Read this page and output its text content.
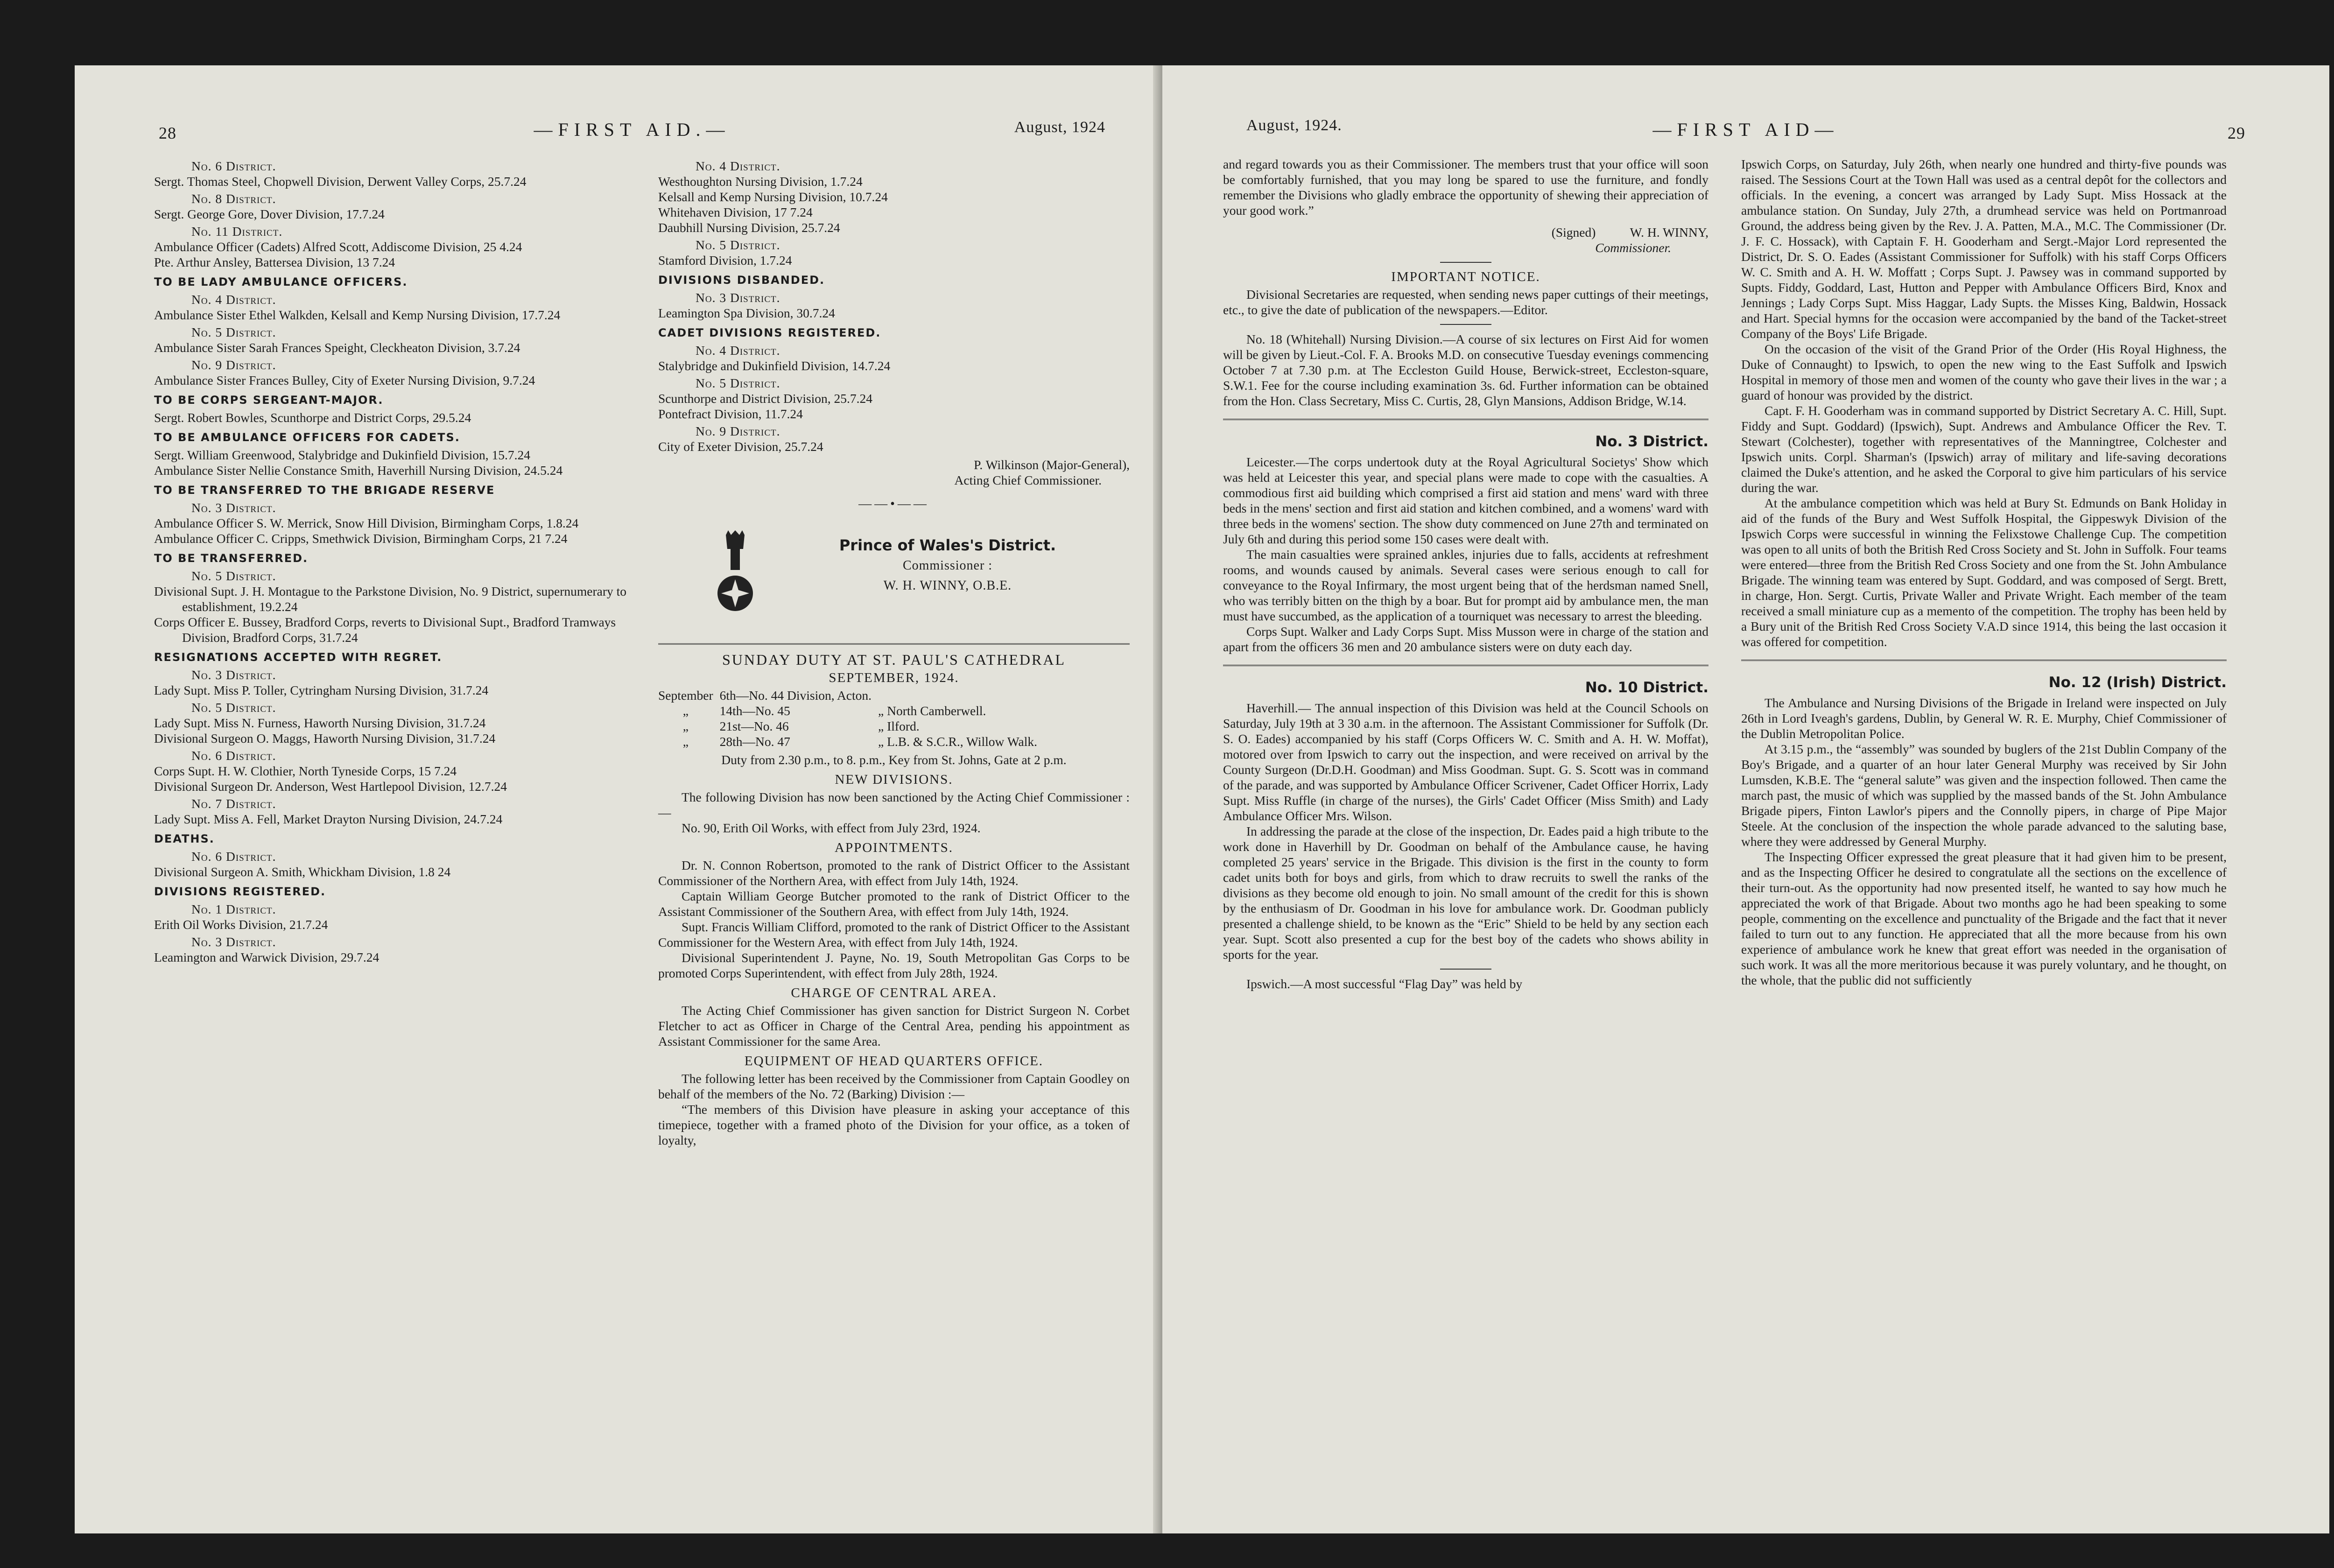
28	—FIRST AID.—	August, 1924

No. 6 District.

Sergt. Thomas Steel, Chopwell Division, Derwent Valley Corps, 25.7.24

No. 8 District.

Sergt. George Gore, Dover Division, 17.7.24

No. 11 District.

Ambulance Officer (Cadets) Alfred Scott, Addiscome Division, 25 4.24

Pte. Arthur Ansley, Battersea Division, 13 7.24

TO BE LADY AMBULANCE OFFICERS.

No. 4 District.

Ambulance Sister Ethel Walkden, Kelsall and Kemp Nursing Division, 17.7.24

No. 5 District.

Ambulance Sister Sarah Frances Speight, Cleckheaton Division, 3.7.24

No. 9 District.

Ambulance Sister Frances Bulley, City of Exeter Nursing Division, 9.7.24

TO BE CORPS SERGEANT-MAJOR.

Sergt. Robert Bowles, Scunthorpe and District Corps, 29.5.24

TO BE AMBULANCE OFFICERS FOR CADETS.

Sergt. William Greenwood, Stalybridge and Dukinfield Division, 15.7.24

Ambulance Sister Nellie Constance Smith, Haverhill Nursing Division, 24.5.24

TO BE TRANSFERRED TO THE BRIGADE RESERVE

No. 3 District.

Ambulance Officer S. W. Merrick, Snow Hill Division, Birmingham Corps, 1.8.24

Ambulance Officer C. Cripps, Smethwick Division, Birmingham Corps, 21 7.24

TO BE TRANSFERRED.

No. 5 District.

Divisional Supt. J. H. Montague to the Parkstone Division, No. 9 District, supernumerary to establishment, 19.2.24

Corps Officer E. Bussey, Bradford Corps, reverts to Divisional Supt., Bradford Tramways Division, Bradford Corps, 31.7.24

RESIGNATIONS ACCEPTED WITH REGRET.

No. 3 District.

Lady Supt. Miss P. Toller, Cytringham Nursing Division, 31.7.24

No. 5 District.

Lady Supt. Miss N. Furness, Haworth Nursing Division, 31.7.24

Divisional Surgeon O. Maggs, Haworth Nursing Division, 31.7.24

No. 6 District.

Corps Supt. H. W. Clothier, North Tyneside Corps, 15 7.24

Divisional Surgeon Dr. Anderson, West Hartlepool Division, 12.7.24

No. 7 District.

Lady Supt. Miss A. Fell, Market Drayton Nursing Division, 24.7.24

DEATHS.

No. 6 District.

Divisional Surgeon A. Smith, Whickham Division, 1.8 24

DIVISIONS REGISTERED.

No. 1 District.

Erith Oil Works Division, 21.7.24

No. 3 District.

Leamington and Warwick Division, 29.7.24

No. 4 District.

Westhoughton Nursing Division, 1.7.24

Kelsall and Kemp Nursing Division, 10.7.24

Whitehaven Division, 17 7.24

Daubhill Nursing Division, 25.7.24

No. 5 District.

Stamford Division, 1.7.24

DIVISIONS DISBANDED.

No. 3 District.

Leamington Spa Division, 30.7.24

CADET DIVISIONS REGISTERED.

No. 4 District.

Stalybridge and Dukinfield Division, 14.7.24

No. 5 District.

Scunthorpe and District Division, 25.7.24

Pontefract Division, 11.7.24

No. 9 District.

City of Exeter Division, 25.7.24

P. Wilkinson (Major-General),

Acting Chief Commissioner.

——•——
Prince of Wales's District.
Commissioner :
W. H. WINNY, O.B.E.

SUNDAY DUTY AT ST. PAUL'S CATHEDRAL

SEPTEMBER, 1924.

September	6th—No. 44 Division, Acton.	
„	14th—No. 45	„ North Camberwell.
„	21st—No. 46	„ Ilford.
„	28th—No. 47	„ L.B. & S.C.R., Willow Walk.

Duty from 2.30 p.m., to 8. p.m., Key from St. Johns, Gate at 2 p.m.

NEW DIVISIONS.

The following Division has now been sanctioned by the Acting Chief Commissioner :—

No. 90, Erith Oil Works, with effect from July 23rd, 1924.

APPOINTMENTS.

Dr. N. Connon Robertson, promoted to the rank of District Officer to the Assistant Commissioner of the Northern Area, with effect from July 14th, 1924.

Captain William George Butcher promoted to the rank of District Officer to the Assistant Commissioner of the Southern Area, with effect from July 14th, 1924.

Supt. Francis William Clifford, promoted to the rank of District Officer to the Assistant Commissioner for the Western Area, with effect from July 14th, 1924.

Divisional Superintendent J. Payne, No. 19, South Metropolitan Gas Corps to be promoted Corps Superintendent, with effect from July 28th, 1924.

CHARGE OF CENTRAL AREA.

The Acting Chief Commissioner has given sanction for District Surgeon N. Corbet Fletcher to act as Officer in Charge of the Central Area, pending his appointment as Assistant Commissioner for the same Area.

EQUIPMENT OF HEAD QUARTERS OFFICE.

The following letter has been received by the Commissioner from Captain Goodley on behalf of the members of the No. 72 (Barking) Division :—

“The members of this Division have pleasure in asking your acceptance of this timepiece, together with a framed photo of the Division for your office, as a token of loyalty,

August, 1924.	—FIRST AID—	29

and regard towards you as their Commissioner. The members trust that your office will soon be comfortably furnished, that you may long be spared to use the furniture, and fondly remember the Divisions who gladly embrace the opportunity of shewing their appreciation of your good work.”

(Signed)	W. H. WINNY,

Commissioner.

IMPORTANT NOTICE.

Divisional Secretaries are requested, when sending news paper cuttings of their meetings, etc., to give the date of publication of the newspapers.—Editor.

No. 18 (Whitehall) Nursing Division.—A course of six lectures on First Aid for women will be given by Lieut.-Col. F. A. Brooks M.D. on consecutive Tuesday evenings commencing October 7 at 7.30 p.m. at The Eccleston Guild House, Berwick-street, Eccleston-square, S.W.1. Fee for the course including examination 3s. 6d. Further information can be obtained from the Hon. Class Secretary, Miss C. Curtis, 28, Glyn Mansions, Addison Bridge, W.14.

No. 3 District.

Leicester.—The corps undertook duty at the Royal Agricultural Societys' Show which was held at Leicester this year, and special plans were made to cope with the casualties. A commodious first aid building which comprised a first aid station and mens' ward with three beds in the mens' section and first aid station and kitchen combined, and a womens' ward with three beds in the womens' section. The show duty commenced on June 27th and terminated on July 6th and during this period some 150 cases were dealt with.

The main casualties were sprained ankles, injuries due to falls, accidents at refreshment rooms, and wounds caused by animals. Several cases were serious enough to call for conveyance to the Royal Infirmary, the most urgent being that of the herdsman named Snell, who was terribly bitten on the thigh by a boar. But for prompt aid by ambulance men, the man must have succumbed, as the application of a tourniquet was necessary to arrest the bleeding.

Corps Supt. Walker and Lady Corps Supt. Miss Musson were in charge of the station and apart from the officers 36 men and 20 ambulance sisters were on duty each day.

No. 10 District.

Haverhill.— The annual inspection of this Division was held at the Council Schools on Saturday, July 19th at 3 30 a.m. in the afternoon. The Assistant Commissioner for Suffolk (Dr. S. O. Eades) accompanied by his staff (Corps Officers W. C. Smith and A. H. W. Moffat), motored over from Ipswich to carry out the inspection, and were received on arrival by the County Surgeon (Dr.D.H. Goodman) and Miss Goodman. Supt. G. S. Scott was in command of the parade, and was supported by Ambulance Officer Scrivener, Cadet Officer Horrix, Lady Supt. Miss Ruffle (in charge of the nurses), the Girls' Cadet Officer (Miss Smith) and Lady Ambulance Officer Mrs. Wilson.

In addressing the parade at the close of the inspection, Dr. Eades paid a high tribute to the work done in Haverhill by Dr. Goodman on behalf of the Ambulance cause, he having completed 25 years' service in the Brigade. This division is the first in the county to form cadet units both for boys and girls, from which to draw recruits to swell the ranks of the divisions as they become old enough to join. No small amount of the credit for this is shown by the enthusiasm of Dr. Goodman in his love for ambulance work. Dr. Goodman publicly presented a challenge shield, to be known as the “Eric” Shield to be held by any section each year. Supt. Scott also presented a cup for the best boy of the cadets who shows ability in sports for the year.

Ipswich.—A most successful “Flag Day” was held by

Ipswich Corps, on Saturday, July 26th, when nearly one hundred and thirty-five pounds was raised. The Sessions Court at the Town Hall was used as a central depôt for the collectors and officials. In the evening, a concert was arranged by Lady Supt. Miss Hossack at the ambulance station. On Sunday, July 27th, a drumhead service was held on Portmanroad Ground, the address being given by the Rev. J. A. Patten, M.A., M.C. The Commissioner (Dr. J. F. C. Hossack), with Captain F. H. Gooderham and Sergt.-Major Lord represented the District, Dr. S. O. Eades (Assistant Commissioner for Suffolk) with his staff Corps Officers W. C. Smith and A. H. W. Moffatt ; Corps Supt. J. Pawsey was in command supported by Supts. Fiddy, Goddard, Last, Hutton and Pepper with Ambulance Officers Bird, Knox and Jennings ; Lady Corps Supt. Miss Haggar, Lady Supts. the Misses King, Baldwin, Hossack and Hart. Special hymns for the occasion were accompanied by the band of the Tacket-street Company of the Boys' Life Brigade.

On the occasion of the visit of the Grand Prior of the Order (His Royal Highness, the Duke of Connaught) to Ipswich, to open the new wing to the East Suffolk and Ipswich Hospital in memory of those men and women of the county who gave their lives in the war ; a guard of honour was provided by the district.

Capt. F. H. Gooderham was in command supported by District Secretary A. C. Hill, Supt. Fiddy and Supt. Goddard) (Ipswich), Supt. Andrews and Ambulance Officer the Rev. T. Stewart (Colchester), together with representatives of the Manningtree, Colchester and Ipswich units. Corpl. Sharman's (Ipswich) array of military and life-saving decorations claimed the Duke's attention, and he asked the Corporal to give him particulars of his service during the war.

At the ambulance competition which was held at Bury St. Edmunds on Bank Holiday in aid of the funds of the Bury and West Suffolk Hospital, the Gippeswyk Division of the Ipswich Corps were successful in winning the Felixstowe Challenge Cup. The competition was open to all units of both the British Red Cross Society and St. John in Suffolk. Four teams were entered—three from the British Red Cross Society and one from the St. John Ambulance Brigade. The winning team was entered by Supt. Goddard, and was composed of Sergt. Brett, in charge, Hon. Sergt. Curtis, Private Waller and Private Wright. Each member of the team received a small miniature cup as a memento of the competition. The trophy has been held by a Bury unit of the British Red Cross Society V.A.D since 1914, this being the last occasion it was offered for competition.

No. 12 (Irish) District.

The Ambulance and Nursing Divisions of the Brigade in Ireland were inspected on July 26th in Lord Iveagh's gardens, Dublin, by General W. R. E. Murphy, Chief Commissioner of the Dublin Metropolitan Police.

At 3.15 p.m., the “assembly” was sounded by buglers of the 21st Dublin Company of the Boy's Brigade, and a quarter of an hour later General Murphy was received by Sir John Lumsden, K.B.E. The “general salute” was given and the inspection followed. Then came the march past, the music of which was supplied by the massed bands of the St. John Ambulance Brigade pipers, Finton Lawlor's pipers and the Connolly pipers, in charge of Pipe Major Steele. At the conclusion of the inspection the whole parade advanced to the saluting base, where they were addressed by General Murphy.

The Inspecting Officer expressed the great pleasure that it had given him to be present, and as the Inspecting Officer he desired to congratulate all the sections on the excellence of their turn-out. As the opportunity had now presented itself, he wanted to say how much he appreciated the work of that Brigade. About two months ago he had been speaking to some people, commenting on the excellence and punctuality of the Brigade and the fact that it never failed to turn out to any function. He appreciated that all the more because from his own experience of ambulance work he knew that great effort was needed in the organisation of such work. It was all the more meritorious because it was purely voluntary, and he thought, on the whole, that the public did not sufficiently
